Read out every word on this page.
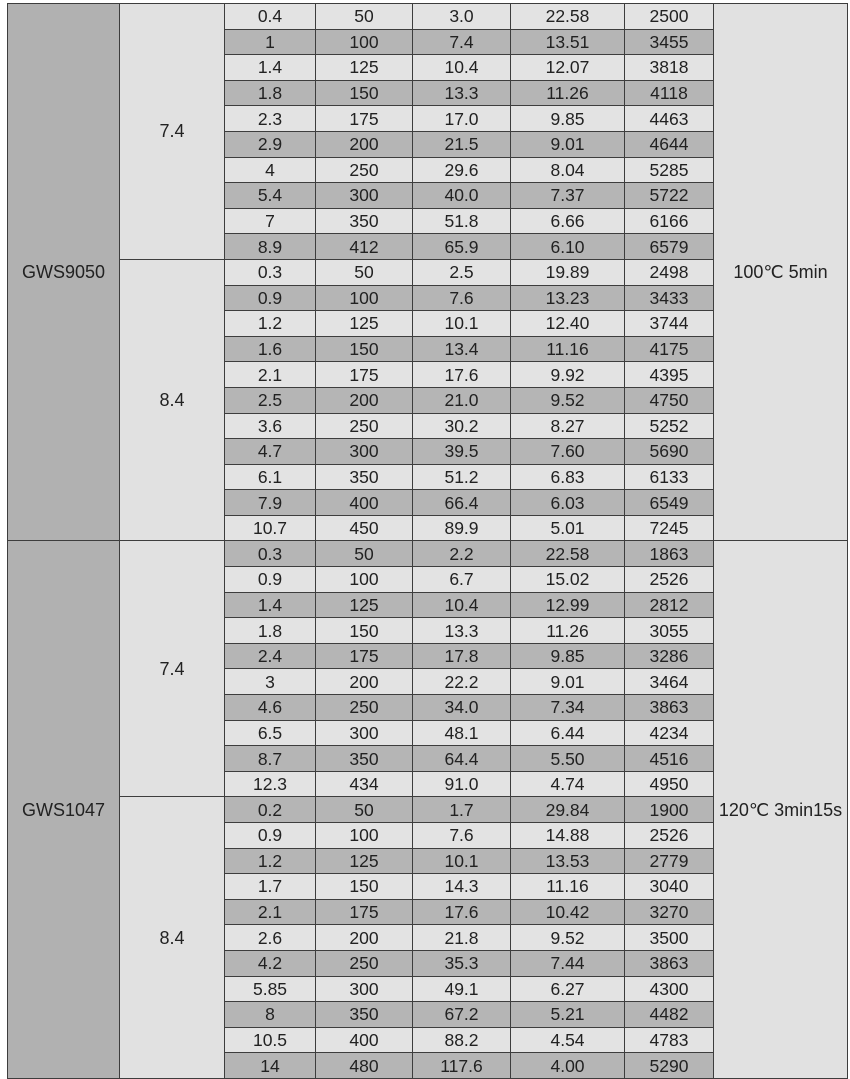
GWS9050	7.4	0.4	50	3.0	22.58	2500	100℃ 5min
		1	100	7.4	13.51	3455	
		1.4	125	10.4	12.07	3818	
		1.8	150	13.3	11.26	4118	
		2.3	175	17.0	9.85	4463	
		2.9	200	21.5	9.01	4644	
		4	250	29.6	8.04	5285	
		5.4	300	40.0	7.37	5722	
		7	350	51.8	6.66	6166	
		8.9	412	65.9	6.10	6579	
	8.4	0.3	50	2.5	19.89	2498	
		0.9	100	7.6	13.23	3433	
		1.2	125	10.1	12.40	3744	
		1.6	150	13.4	11.16	4175	
		2.1	175	17.6	9.92	4395	
		2.5	200	21.0	9.52	4750	
		3.6	250	30.2	8.27	5252	
		4.7	300	39.5	7.60	5690	
		6.1	350	51.2	6.83	6133	
		7.9	400	66.4	6.03	6549	
		10.7	450	89.9	5.01	7245	
GWS1047	7.4	0.3	50	2.2	22.58	1863	120℃ 3min15s
		0.9	100	6.7	15.02	2526	
		1.4	125	10.4	12.99	2812	
		1.8	150	13.3	11.26	3055	
		2.4	175	17.8	9.85	3286	
		3	200	22.2	9.01	3464	
		4.6	250	34.0	7.34	3863	
		6.5	300	48.1	6.44	4234	
		8.7	350	64.4	5.50	4516	
		12.3	434	91.0	4.74	4950	
	8.4	0.2	50	1.7	29.84	1900	
		0.9	100	7.6	14.88	2526	
		1.2	125	10.1	13.53	2779	
		1.7	150	14.3	11.16	3040	
		2.1	175	17.6	10.42	3270	
		2.6	200	21.8	9.52	3500	
		4.2	250	35.3	7.44	3863	
		5.85	300	49.1	6.27	4300	
		8	350	67.2	5.21	4482	
		10.5	400	88.2	4.54	4783	
		14	480	117.6	4.00	5290	
